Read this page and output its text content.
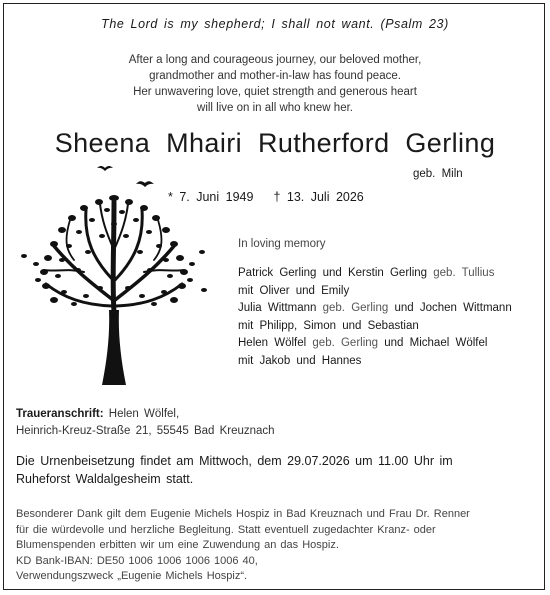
The Lord is my shepherd; I shall not want. (Psalm 23)
After a long and courageous journey, our beloved mother,
grandmother and mother-in-law has found peace.
Her unwavering love, quiet strength and generous heart
will live on in all who knew her.
Sheena Mhairi Rutherford Gerling
geb. Miln
* 7. Juni 1949 † 13. Juli 2026
In loving memory
Patrick Gerling und Kerstin Gerling geb. Tullius
mit Oliver und Emily
Julia Wittmann geb. Gerling und Jochen Wittmann
mit Philipp, Simon und Sebastian
Helen Wölfel geb. Gerling und Michael Wölfel
mit Jakob und Hannes
Traueranschrift: Helen Wölfel,
Heinrich-Kreuz-Straße 21, 55545 Bad Kreuznach
Die Urnenbeisetzung findet am Mittwoch, dem 29.07.2026 um 11.00 Uhr im
Ruheforst Waldalgesheim statt.
Besonderer Dank gilt dem Eugenie Michels Hospiz in Bad Kreuznach und Frau Dr. Renner
für die würdevolle und herzliche Begleitung. Statt eventuell zugedachter Kranz- oder
Blumenspenden erbitten wir um eine Zuwendung an das Hospiz.
KD Bank-IBAN: DE50 1006 1006 1006 1006 40,
Verwendungszweck „Eugenie Michels Hospiz“.
